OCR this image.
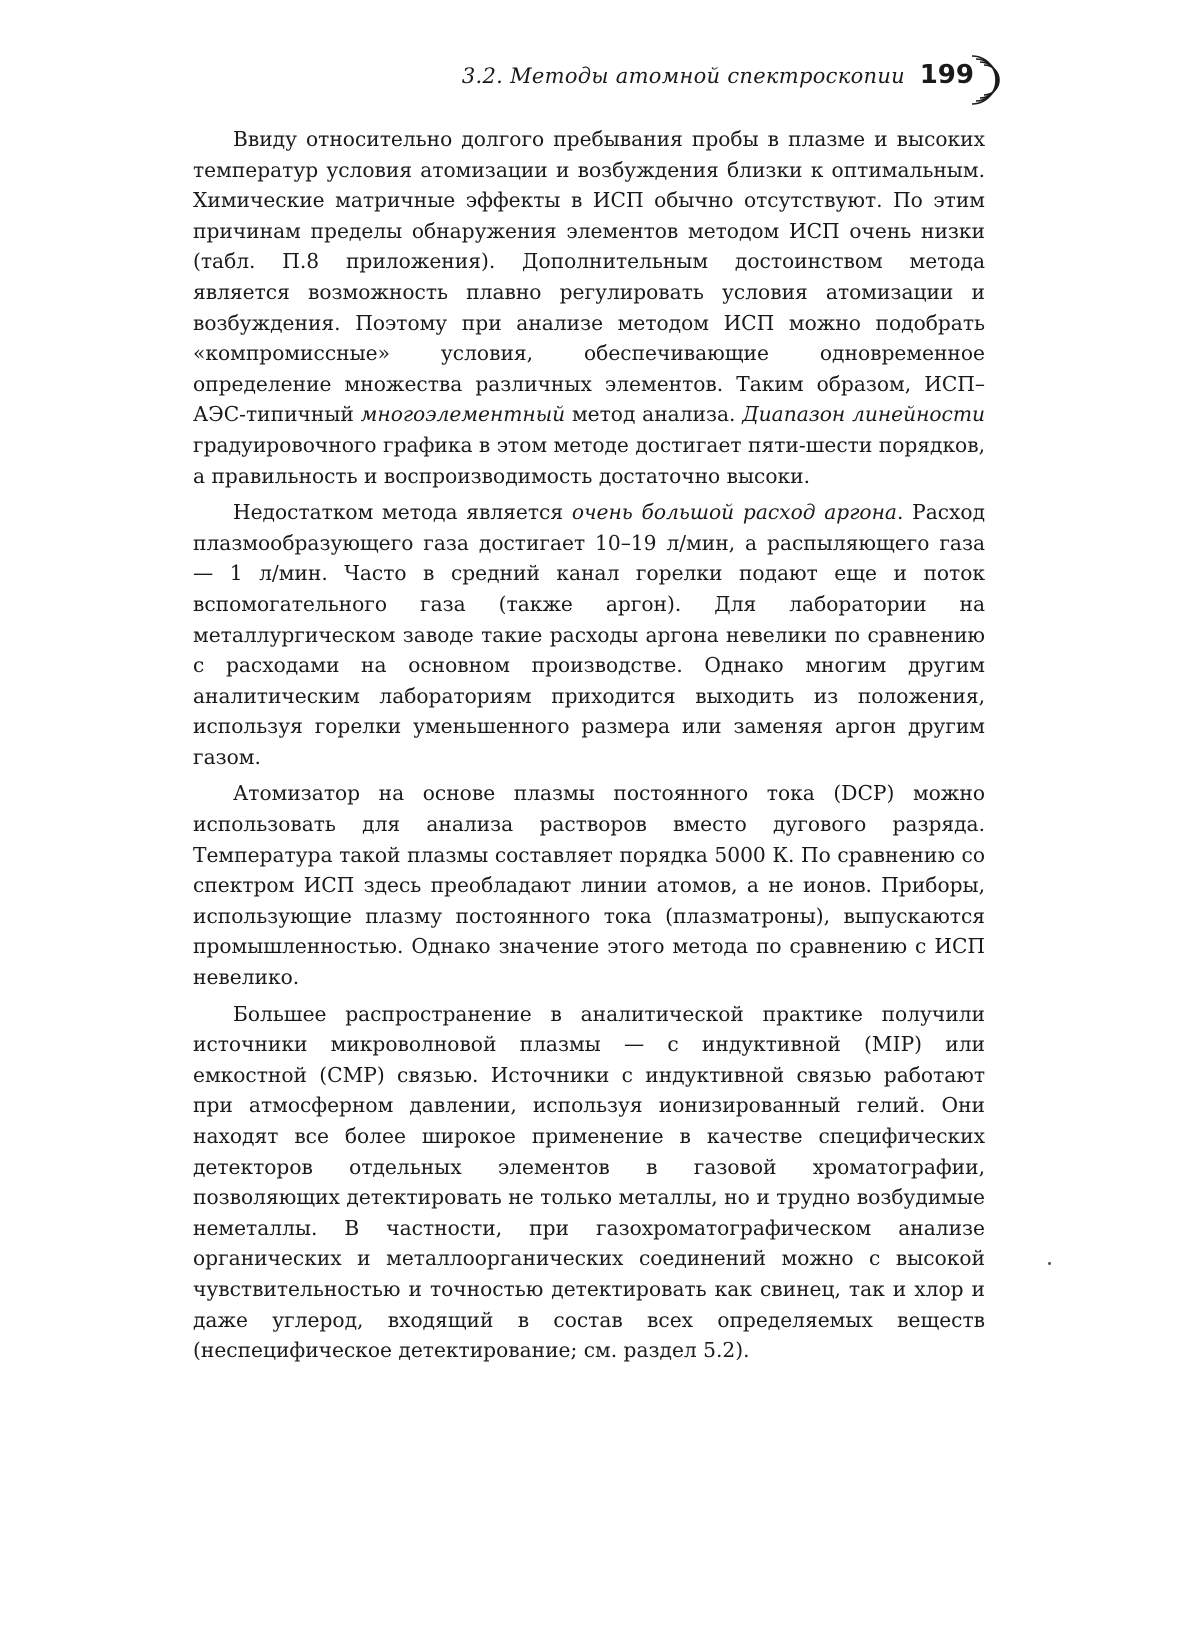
3.2. Методы атомной спектроскопии 199

Ввиду относительно долгого пребывания пробы в плазме и высоких температур условия атомизации и возбуждения близки к оптимальным. Химические матричные эффекты в ИСП обычно отсутствуют. По этим причинам пределы обнаружения элементов методом ИСП очень низки (табл. П.8 приложения). Дополнительным достоинством метода является возможность плавно регулировать условия атомизации и возбуждения. Поэтому при анализе методом ИСП можно подобрать «компромиссные» условия, обеспечивающие одновременное определение множества различных элементов. Таким образом, ИСП–АЭС-типичный многоэлементный метод анализа. Диапазон линейности градуировочного графика в этом методе достигает пяти-шести порядков, а правильность и воспроизводимость достаточно высоки.

Недостатком метода является очень большой расход аргона. Расход плазмообразующего газа достигает 10–19 л/мин, а распыляющего газа — 1 л/мин. Часто в средний канал горелки подают еще и поток вспомогательного газа (также аргон). Для лаборатории на металлургическом заводе такие расходы аргона невелики по сравнению с расходами на основном производстве. Однако многим другим аналитическим лабораториям приходится выходить из положения, используя горелки уменьшенного размера или заменяя аргон другим газом.

Атомизатор на основе плазмы постоянного тока (DCP) можно использовать для анализа растворов вместо дугового разряда. Температура такой плазмы составляет порядка 5000 К. По сравнению со спектром ИСП здесь преобладают линии атомов, а не ионов. Приборы, использующие плазму постоянного тока (плазматроны), выпускаются промышленностью. Однако значение этого метода по сравнению с ИСП невелико.

Большее распространение в аналитической практике получили источники микроволновой плазмы — с индуктивной (MIP) или емкостной (СМР) связью. Источники с индуктивной связью работают при атмосферном давлении, используя ионизированный гелий. Они находят все более широкое применение в качестве специфических детекторов отдельных элементов в газовой хроматографии, позволяющих детектировать не только металлы, но и трудно возбудимые неметаллы. В частности, при газохроматографическом анализе органических и металлоорганических соединений можно с высокой чувствительностью и точностью детектировать как свинец, так и хлор и даже углерод, входящий в состав всех определяемых веществ (неспецифическое детектирование; см. раздел 5.2).
